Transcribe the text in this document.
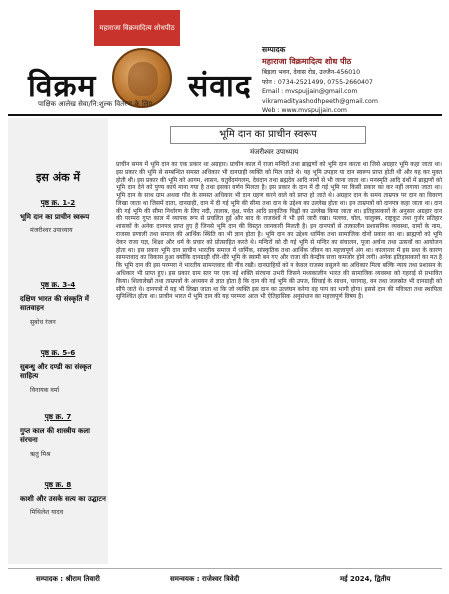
महाराजा विक्रमादित्य शोधपीठ
विक्रम	संवाद
पाक्षिक आलेख सेवा/नि:शुल्क वितरण के लिए
सम्पादक
महाराजा विक्रमादित्य शोध पीठ
बिड़ला भवन, देवास रोड, उज्जैन-456010
फोन : 0734-2521499, 0755-2660407
Email : mvspujjain@gmail.com
vikramadityashodhpeeth@gmail.com
Web : www.mvspujjain.com
इस अंक में
पृष्ठ क्र. 1-2
भूमि दान का प्राचीन स्वरूप
मंजरीश्वर उपाध्याय
पृष्ठ क्र. 3-4
दक्षिण भारत की संस्कृति में सातवाहन
सुबोध रंजन
पृष्ठ क्र. 5-6
सुबन्धु और दण्डी का संस्कृत साहित्य
विनायक वर्मा
पृष्ठ क्र. 7
गुप्त काल की शास्त्रीय कला संरचना
ऋतु मिश्र
पृष्ठ क्र. 8
काशी और उसके सत्य का उद्घाटन
मिथिलेश यादव
भूमि दान का प्राचीन स्वरूप
मंजरीश्वर उपाध्याय
प्राचीन समय में भूमि दान का एक प्रकार था अग्रहार। प्राचीन काल में राजा मन्दिरों तथा ब्राह्मणों को भूमि दान करता था जिसे अग्रहार भूमि कहा जाता था। इस प्रकार की भूमि से सम्बन्धित समस्त अधिकार भी दानग्राही व्यक्ति को मिल जाते थे। यह भूमि उपहार या दान स्वरूप प्राप्त होती थी और यह कर मुक्त होती थी। इस प्रकार की भूमि को आगम, शासन, चतुर्वेदमंगलम, देवदान तथा ब्रह्मदेय आदि नामों से भी जाना जाता था। मनस्मृति आदि ग्रंथों में ब्राह्मणों को भूमि दान देने को पुण्य कार्य माना गया है तथा इसका वर्णन मिलता है। इस प्रकार के दान में दी गई भूमि पर किसी प्रकार का कर नहीं लगाया जाता था। भूमि दान के साथ ग्राम अथवा गाँव के समस्त अधिकार भी दान ग्रहण करने वाले को प्राप्त हो जाते थे। अग्रहार दान के समय ताम्रपत्र पर दान का विवरण लिखा जाता था जिसमें दाता, दानग्राही, दान में दी गई भूमि की सीमा तथा दान के उद्देश्य का उल्लेख होता था। इन ताम्रपत्रों को दानपत्र कहा जाता था। दान की गई भूमि की सीमा निर्धारण के लिए नदी, तालाब, वृक्ष, पर्वत आदि प्राकृतिक चिह्नों का उल्लेख किया जाता था। इतिहासकारों के अनुसार अग्रहार दान की परम्परा गुप्त काल में व्यापक रूप से प्रचलित हुई और बाद के राजवंशों ने भी इसे जारी रखा। पल्लव, चोल, चालुक्य, राष्ट्रकूट तथा गुर्जर प्रतिहार शासकों के अनेक दानपत्र प्राप्त हुए हैं जिनसे भूमि दान की विस्तृत जानकारी मिलती है। इन दानपत्रों से तत्कालीन प्रशासनिक व्यवस्था, ग्रामों के नाम, राजस्व प्रणाली तथा समाज की आर्थिक स्थिति का भी ज्ञान होता है। भूमि दान का उद्देश्य धार्मिक तथा सामाजिक दोनों प्रकार का था। ब्राह्मणों को भूमि देकर राजा यज्ञ, शिक्षा और धर्म के प्रचार को प्रोत्साहित करते थे। मन्दिरों को दी गई भूमि से मन्दिर का संचालन, पूजा अर्चना तथा उत्सवों का आयोजन होता था। इस प्रकार भूमि दान प्राचीन भारतीय समाज में धार्मिक, सांस्कृतिक तथा आर्थिक जीवन का महत्त्वपूर्ण अंग था। कालान्तर में इस प्रथा के कारण सामन्तवाद का विकास हुआ क्योंकि दानग्राही धीरे-धीरे भूमि के स्वामी बन गए और राजा की केन्द्रीय सत्ता कमजोर होने लगी। अनेक इतिहासकारों का मत है कि भूमि दान की इस परम्परा ने भारतीय सामन्तवाद की नींव रखी। दानग्राहियों को न केवल राजस्व वसूलने का अधिकार मिला बल्कि न्याय तथा प्रशासन के अधिकार भी प्राप्त हुए। इस प्रकार ग्राम स्तर पर एक नई शक्ति संरचना उभरी जिसने मध्यकालीन भारत की सामाजिक व्यवस्था को गहराई से प्रभावित किया। शिलालेखों तथा ताम्रपत्रों के अध्ययन से ज्ञात होता है कि दान की गई भूमि की उपज, सिंचाई के साधन, चरागाह, वन तथा जलस्रोत भी दानग्राही को सौंपे जाते थे। दानपत्रों में यह भी लिखा जाता था कि जो व्यक्ति इस दान का उल्लंघन करेगा वह पाप का भागी होगा। इससे दान की पवित्रता तथा स्थायित्व सुनिश्चित होता था। प्राचीन भारत में भूमि दान की यह परम्परा आज भी ऐतिहासिक अनुसंधान का महत्त्वपूर्ण विषय है।
सम्पादक : श्रीराम तिवारी	समन्वयक : राजेश्वर त्रिवेदी	मई 2024, द्वितीय
